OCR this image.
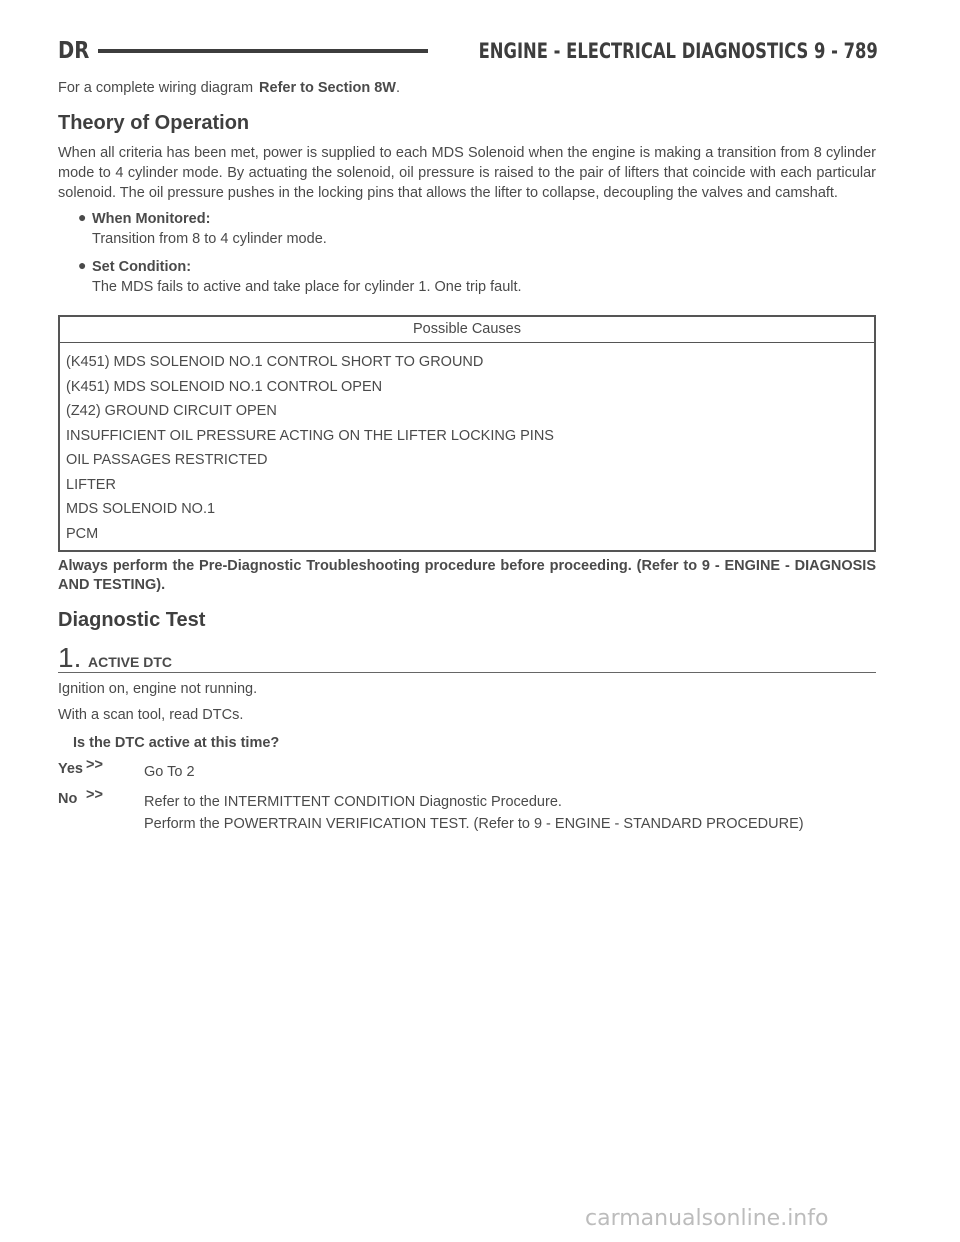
DR	ENGINE - ELECTRICAL DIAGNOSTICS 9 - 789

For a complete wiring diagram Refer to Section 8W.

Theory of Operation

When all criteria has been met, power is supplied to each MDS Solenoid when the engine is making a transition from 8 cylinder mode to 4 cylinder mode. By actuating the solenoid, oil pressure is raised to the pair of lifters that coincide with each particular solenoid. The oil pressure pushes in the locking pins that allows the lifter to collapse, decoupling the valves and camshaft.

● When Monitored:

Transition from 8 to 4 cylinder mode.

● Set Condition:

The MDS fails to active and take place for cylinder 1. One trip fault.

Possible Causes
(K451) MDS SOLENOID NO.1 CONTROL SHORT TO GROUND
(K451) MDS SOLENOID NO.1 CONTROL OPEN
(Z42) GROUND CIRCUIT OPEN
INSUFFICIENT OIL PRESSURE ACTING ON THE LIFTER LOCKING PINS
OIL PASSAGES RESTRICTED
LIFTER
MDS SOLENOID NO.1
PCM

Always perform the Pre-Diagnostic Troubleshooting procedure before proceeding. (Refer to 9 - ENGINE - DIAGNOSIS AND TESTING).

Diagnostic Test
1. ACTIVE DTC

Ignition on, engine not running.

With a scan tool, read DTCs.

Is the DTC active at this time?

Yes >>	Go To 2
No >>	Refer to the INTERMITTENT CONDITION Diagnostic Procedure.
Perform the POWERTRAIN VERIFICATION TEST. (Refer to 9 - ENGINE - STANDARD PROCEDURE)
carmanualsonline.info
